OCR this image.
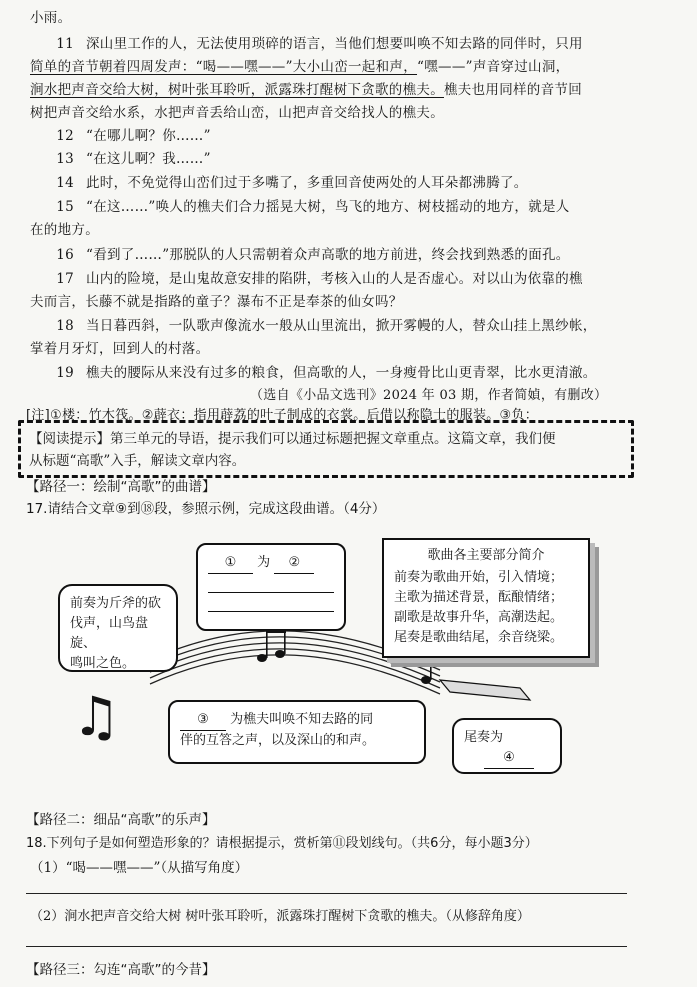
小雨。
11 深山里工作的人，无法使用琐碎的语言，当他们想要叫唤不知去路的同伴时，只用
简单的音节朝着四周发声：“喝——嘿——”大小山峦一起和声，“嘿——”声音穿过山洞，
涧水把声音交给大树，树叶张耳聆听，派露珠打醒树下贪歌的樵夫。樵夫也用同样的音节回
树把声音交给水系，水把声音丢给山峦，山把声音交给找人的樵夫。
12 “在哪儿啊？你……”
13 “在这儿啊？我……”
14 此时，不免觉得山峦们过于多嘴了，多重回音使两处的人耳朵都沸腾了。
15 “在这……”唤人的樵夫们合力摇晃大树，鸟飞的地方、树枝摇动的地方，就是人
在的地方。
16 “看到了……”那脱队的人只需朝着众声高歌的地方前进，终会找到熟悉的面孔。
17 山内的险境，是山鬼故意安排的陷阱，考核入山的人是否虚心。对以山为依靠的樵
夫而言，长藤不就是指路的童子？瀑布不正是奉茶的仙女吗？
18 当日暮西斜，一队歌声像流水一般从山里流出，掀开雾幔的人，替众山挂上黑纱帐，
掌着月牙灯，回到人的村落。
19 樵夫的腰际从来没有过多的粮食，但高歌的人，一身瘦骨比山更青翠，比水更清澈。
（选自《小品文选刊》2024 年 03 期，作者简媜，有删改）
[注]①楼：竹木筏。②薜衣：指用薜荔的叶子制成的衣裳。后借以称隐士的服装。③负：
【阅读提示】第三单元的导语，提示我们可以通过标题把握文章重点。这篇文章，我们便
从标题“高歌”入手，解读文章内容。
【路径一：绘制“高歌”的曲谱】
17.请结合文章⑨到⑱段，参照示例，完成这段曲谱。（4分）
♫
前奏为斤斧的砍
伐声，山鸟盘旋、
鸣叫之色。
① 为 ②	歌曲各主要部分简介
前奏为歌曲开始，引入情境；
主歌为描述背景，酝酿情绪；
副歌是故事升华，高潮迭起。
尾奏是歌曲结尾，余音绕梁。
③ 为樵夫叫唤不知去路的同
伴的互答之声，以及深山的和声。	尾奏为
④
【路径二：细品“高歌”的乐声】
18.下列句子是如何塑造形象的？请根据提示，赏析第⑪段划线句。（共6分，每小题3分）
（1）“喝——嘿——”（从描写角度）
（2）涧水把声音交给大树 树叶张耳聆听，派露珠打醒树下贪歌的樵夫。（从修辞角度）
【路径三：勾连“高歌”的今昔】
